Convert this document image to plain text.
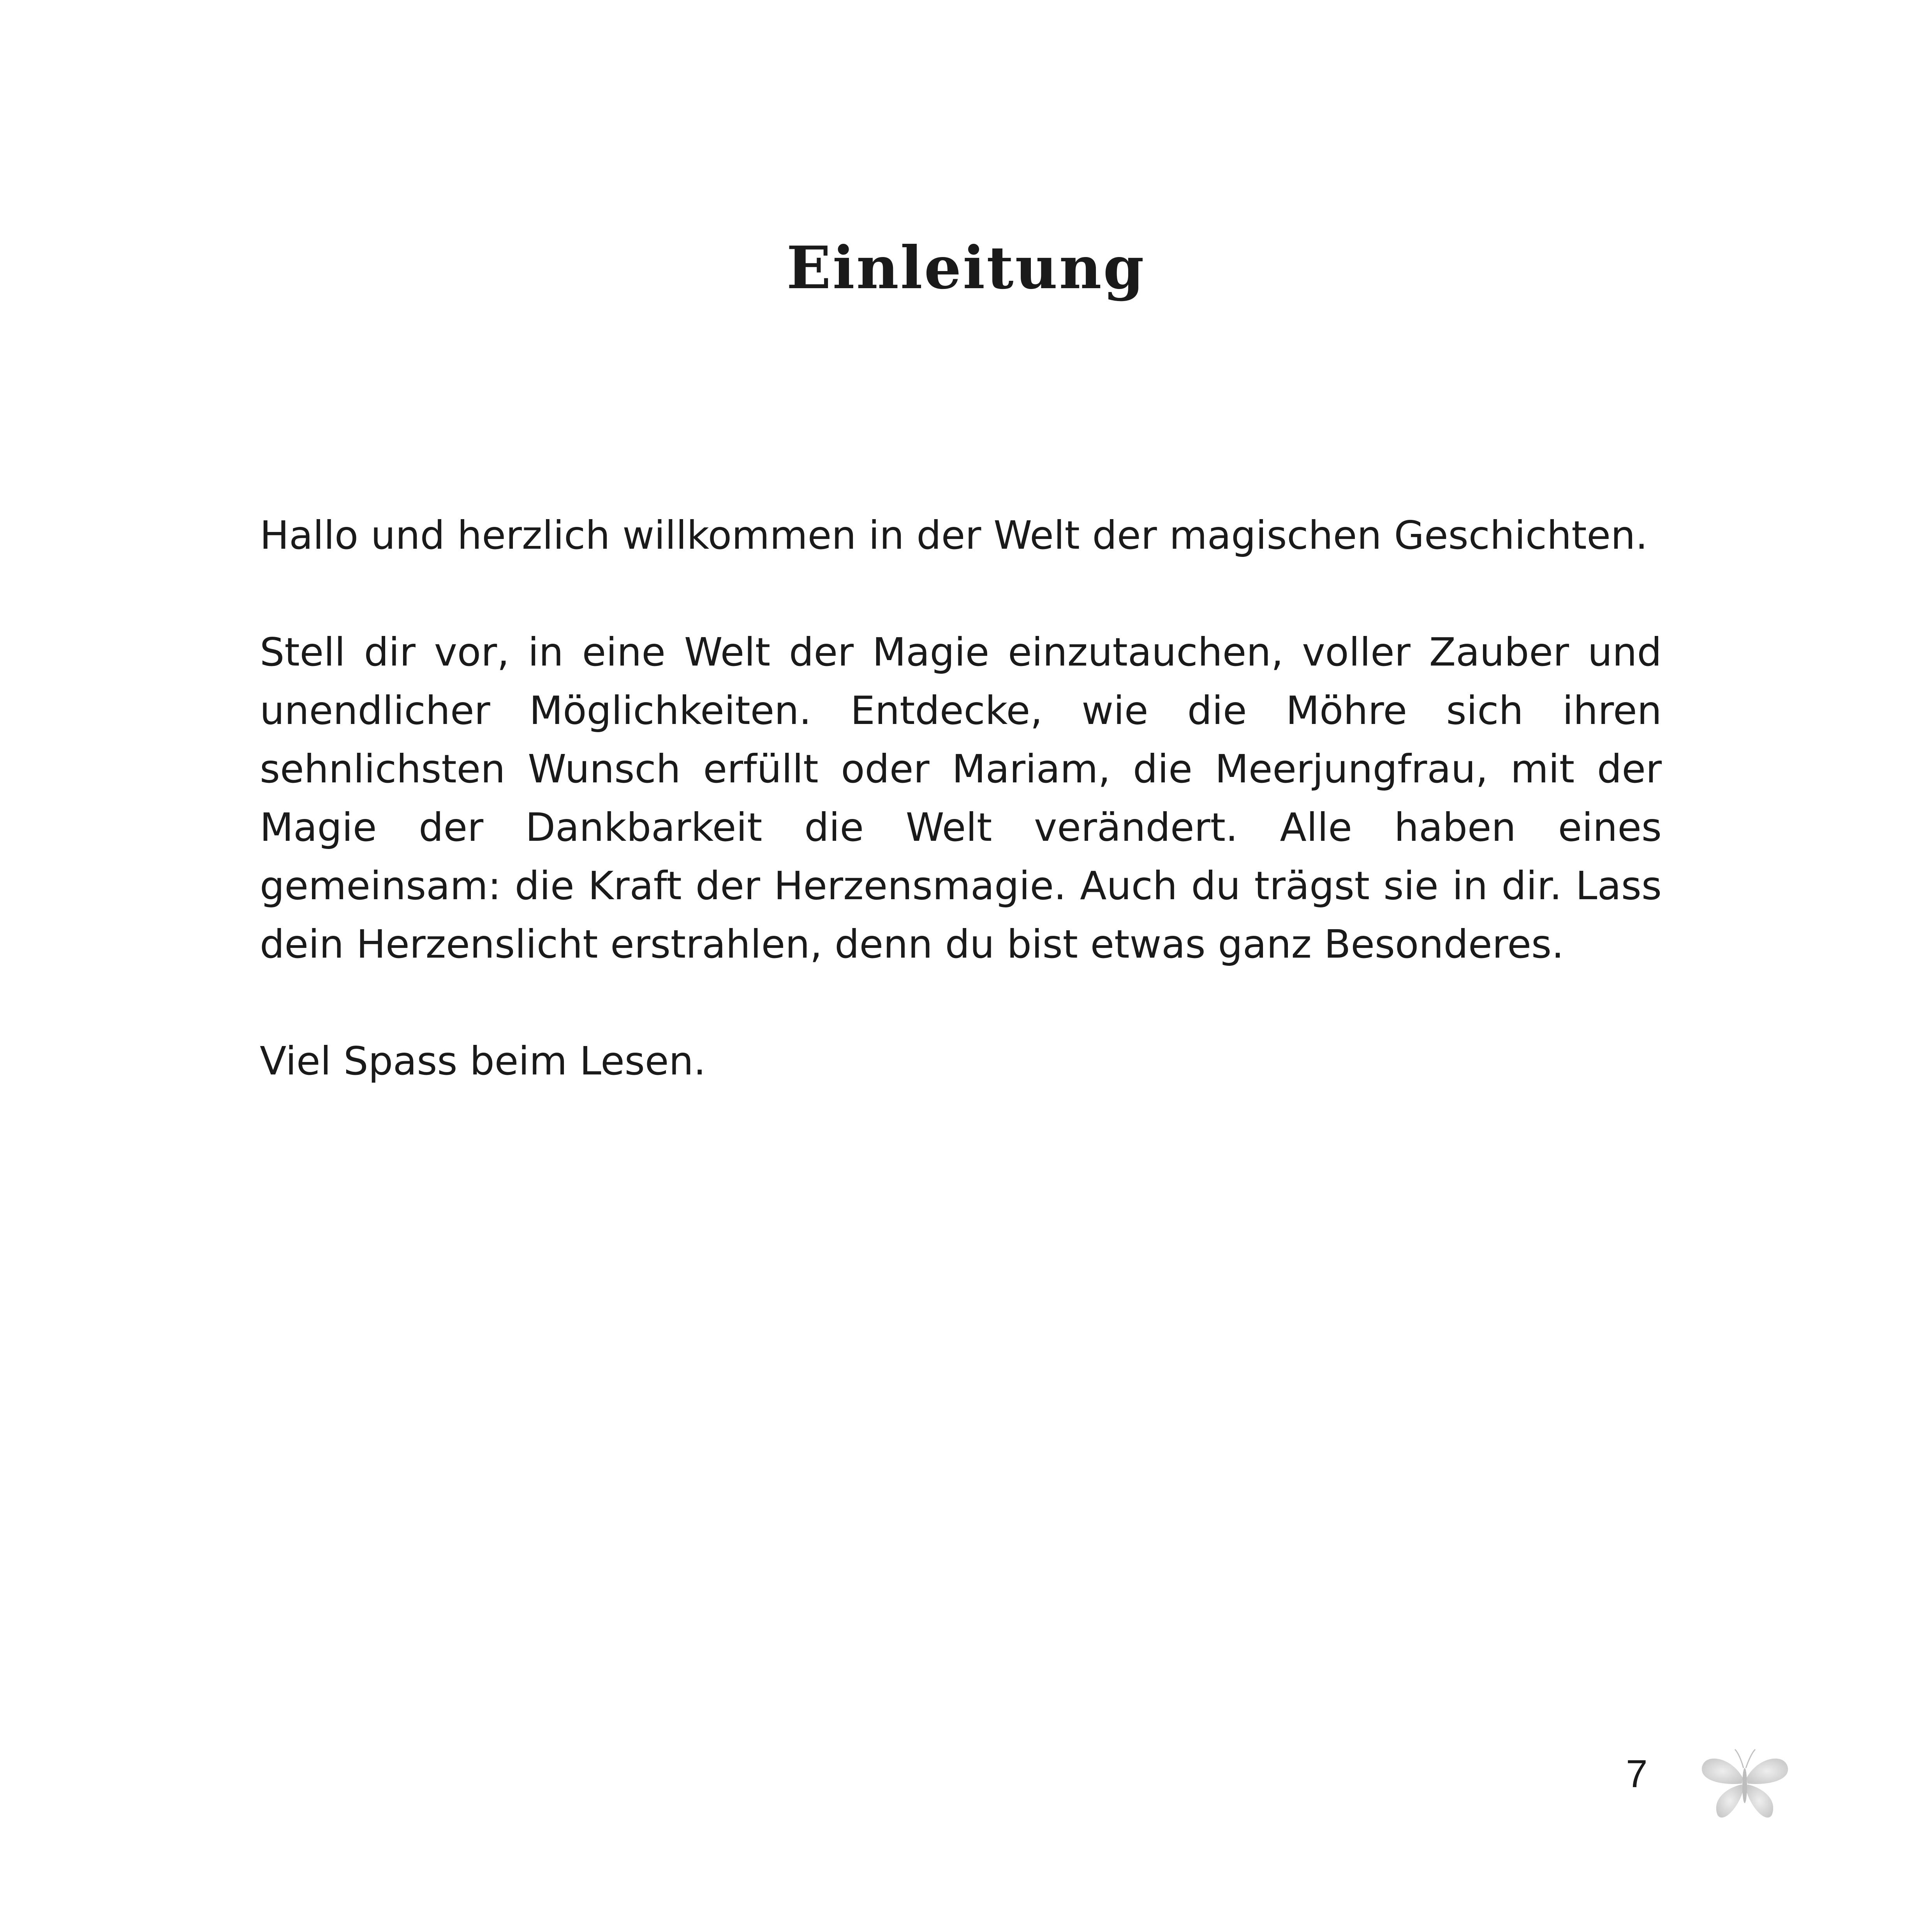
Einleitung

Hallo und herzlich willkommen in der Welt der magischen Geschichten.

Stell dir vor, in eine Welt der Magie einzutauchen, voller Zauber und unendlicher Möglichkeiten. Entdecke, wie die Möhre sich ihren sehnlichsten Wunsch erfüllt oder Mariam, die Meerjungfrau, mit der Magie der Dankbarkeit die Welt verändert. Alle haben eines gemeinsam: die Kraft der Herzensmagie. Auch du trägst sie in dir. Lass dein Herzenslicht erstrahlen, denn du bist etwas ganz Besonderes.

Viel Spass beim Lesen.

7
